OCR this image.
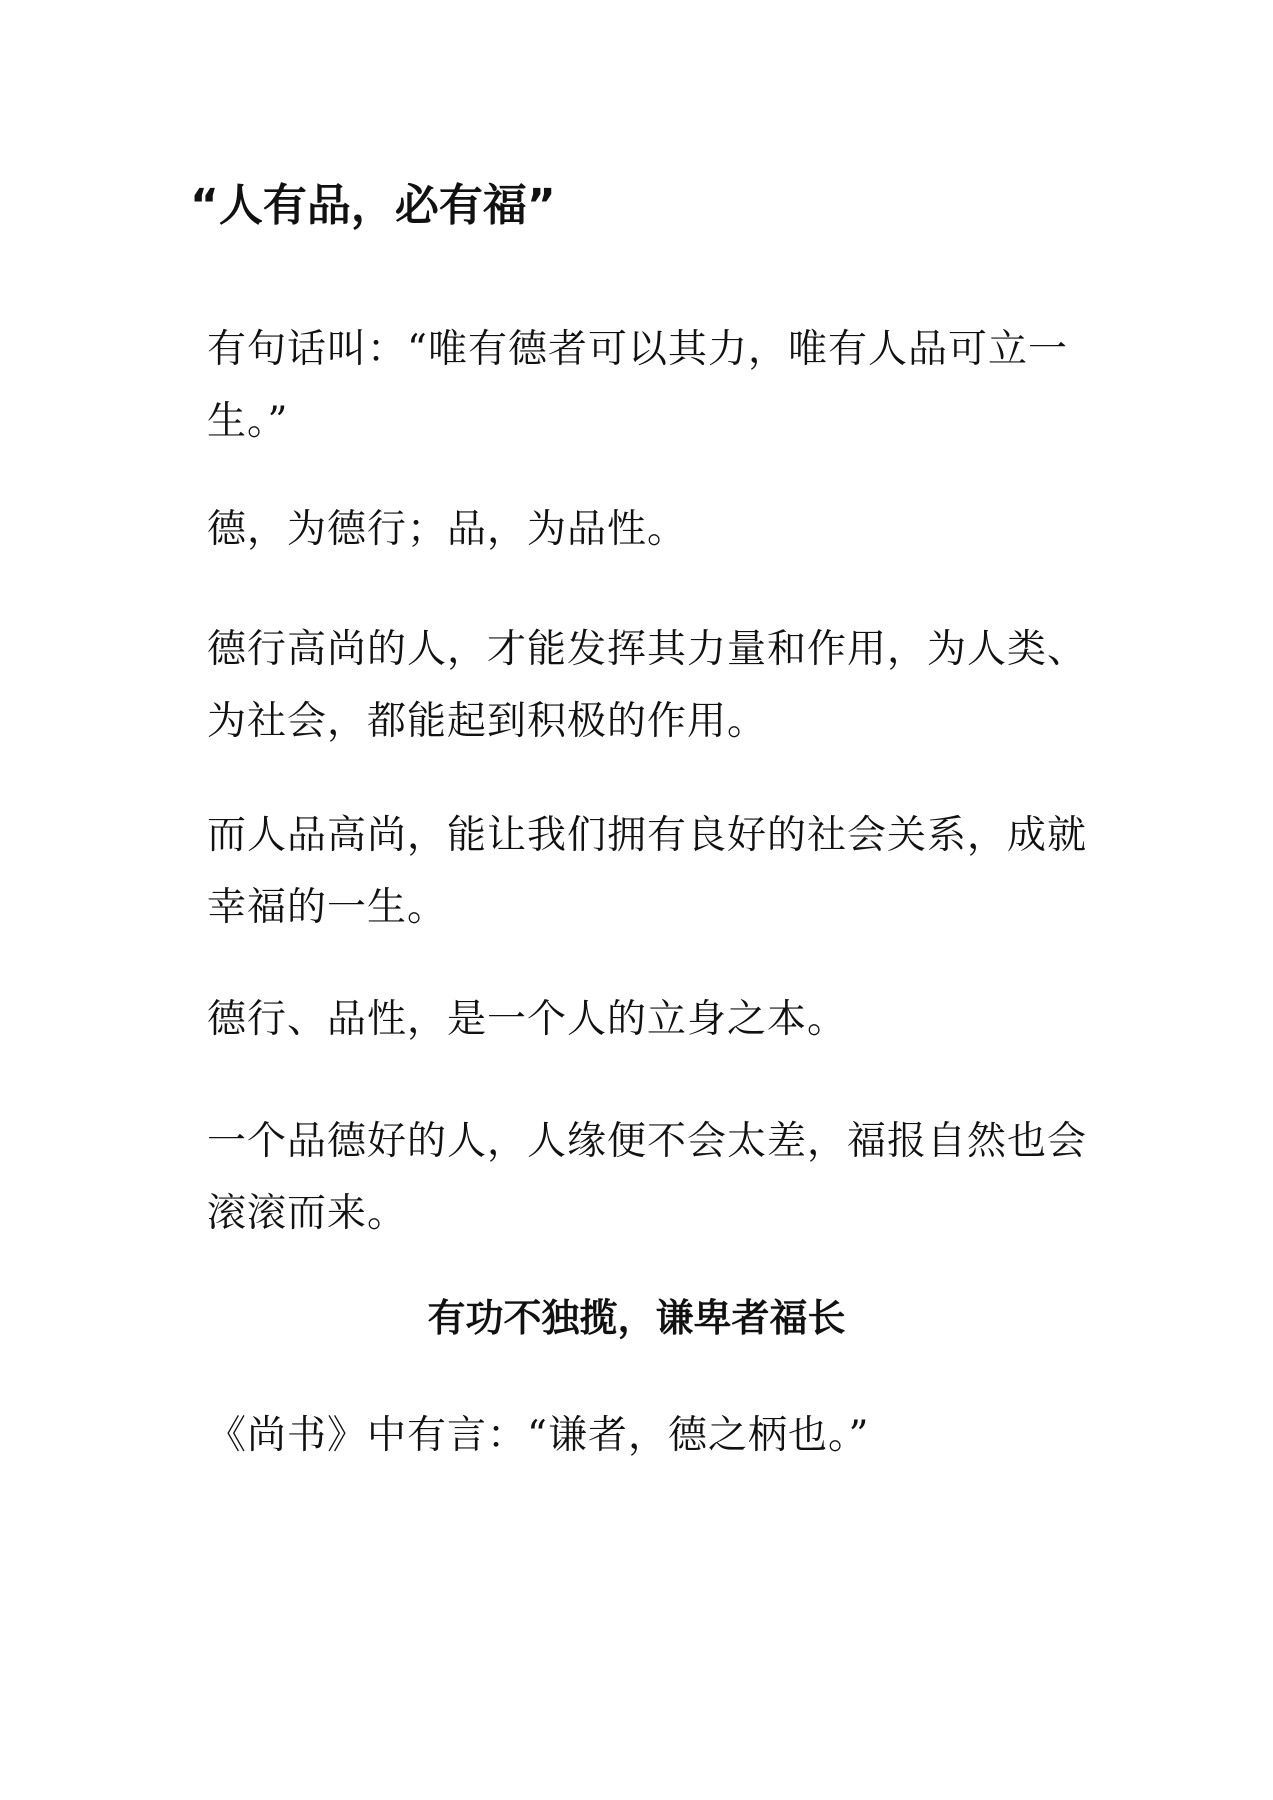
“人有品，必有福”

有句话叫：“唯有德者可以其力，唯有人品可立一生。”

德，为德行；品，为品性。

德行高尚的人，才能发挥其力量和作用，为人类、为社会，都能起到积极的作用。

而人品高尚，能让我们拥有良好的社会关系，成就幸福的一生。

德行、品性，是一个人的立身之本。

一个品德好的人，人缘便不会太差，福报自然也会滚滚而来。

有功不独揽，谦卑者福长

《尚书》中有言：“谦者，德之柄也。”
